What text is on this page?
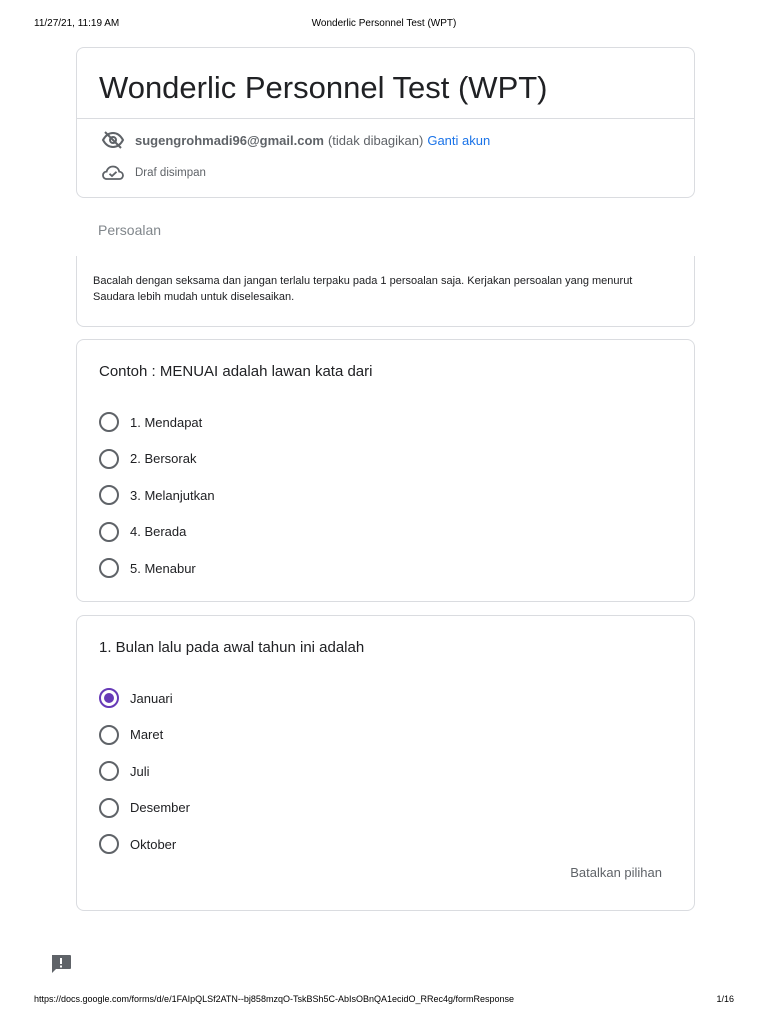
11/27/21, 11:19 AM	Wonderlic Personnel Test (WPT)
Wonderlic Personnel Test (WPT)
sugengrohmadi96@gmail.com (tidak dibagikan) Ganti akun
Draf disimpan
Persoalan
Bacalah dengan seksama dan jangan terlalu terpaku pada 1 persoalan saja. Kerjakan persoalan yang menurut Saudara lebih mudah untuk diselesaikan.
Contoh : MENUAI adalah lawan kata dari
1. Mendapat
2. Bersorak
3. Melanjutkan
4. Berada
5. Menabur
1. Bulan lalu pada awal tahun ini adalah
Januari
Maret
Juli
Desember
Oktober
Batalkan pilihan
https://docs.google.com/forms/d/e/1FAIpQLSf2ATN--bj858mzqO-TskBSh5C-AbIsOBnQA1ecidO_RRec4g/formResponse	1/16
